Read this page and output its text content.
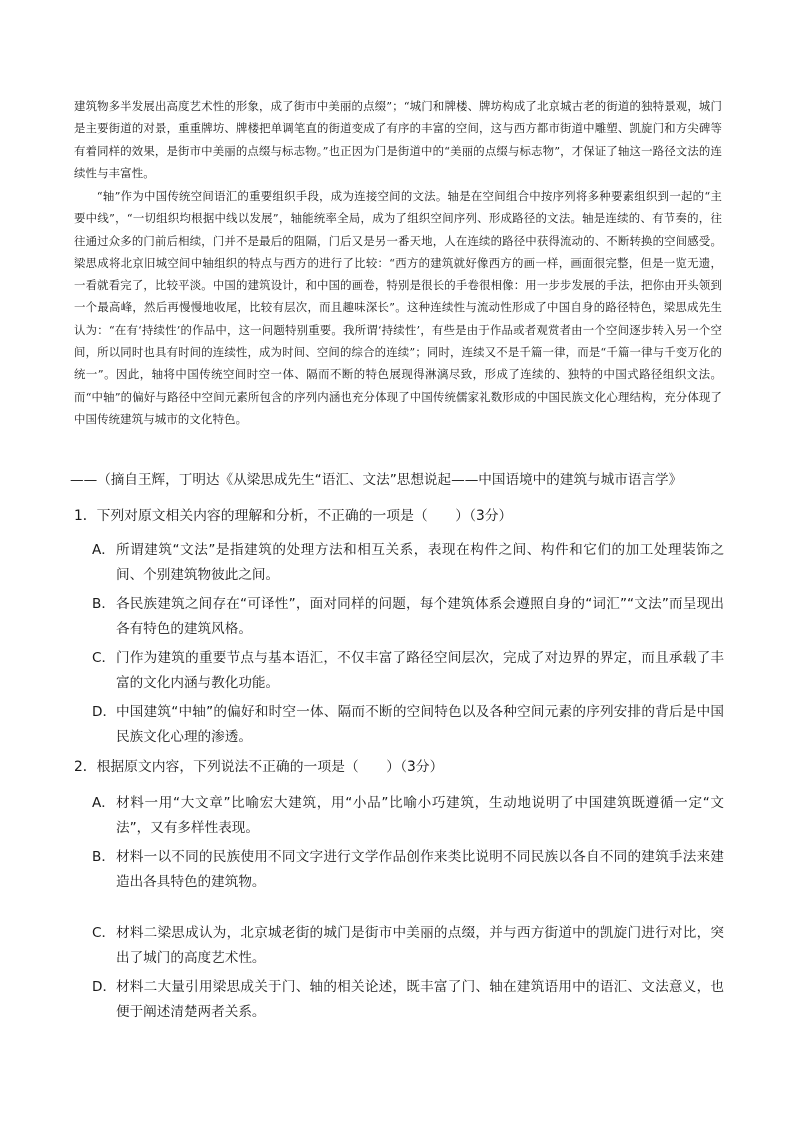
建筑物多半发展出高度艺术性的形象，成了街市中美丽的点缀”；“城门和牌楼、牌坊构成了北京城古老的街道的独特景观，城门是主要街道的对景，重重牌坊、牌楼把单调笔直的街道变成了有序的丰富的空间，这与西方都市街道中雕塑、凯旋门和方尖碑等有着同样的效果，是街市中美丽的点缀与标志物。”也正因为门是街道中的“美丽的点缀与标志物”，才保证了轴这一路径文法的连续性与丰富性。
“轴”作为中国传统空间语汇的重要组织手段，成为连接空间的文法。轴是在空间组合中按序列将多种要素组织到一起的“主要中线”，“一切组织均根据中线以发展”，轴能统率全局，成为了组织空间序列、形成路径的文法。轴是连续的、有节奏的，往往通过众多的门前后相续，门并不是最后的阻隔，门后又是另一番天地，人在连续的路径中获得流动的、不断转换的空间感受。梁思成将北京旧城空间中轴组织的特点与西方的进行了比较：“西方的建筑就好像西方的画一样，画面很完整，但是一览无遗，一看就看完了，比较平淡。中国的建筑设计，和中国的画卷，特别是很长的手卷很相像：用一步步发展的手法，把你由开头领到一个最高峰，然后再慢慢地收尾，比较有层次，而且趣味深长”。这种连续性与流动性形成了中国自身的路径特色，梁思成先生认为：“在有‘持续性’的作品中，这一问题特别重要。我所谓‘持续性’，有些是由于作品或者观赏者由一个空间逐步转入另一个空间，所以同时也具有时间的连续性，成为时间、空间的综合的连续”；同时，连续又不是千篇一律，而是“千篇一律与千变万化的统一”。因此，轴将中国传统空间时空一体、隔而不断的特色展现得淋漓尽致，形成了连续的、独特的中国式路径组织文法。而“中轴”的偏好与路径中空间元素所包含的序列内涵也充分体现了中国传统儒家礼数形成的中国民族文化心理结构，充分体现了中国传统建筑与城市的文化特色。
——（摘自王辉，丁明达《从梁思成先生“语汇、文法”思想说起——中国语境中的建筑与城市语言学》
1．下列对原文相关内容的理解和分析，不正确的一项是（　　）（3分）
A． 所谓建筑“文法”是指建筑的处理方法和相互关系，表现在构件之间、构件和它们的加工处理装饰之间、个别建筑物彼此之间。
B． 各民族建筑之间存在“可译性”，面对同样的问题，每个建筑体系会遵照自身的“词汇”“文法”而呈现出各有特色的建筑风格。
C． 门作为建筑的重要节点与基本语汇，不仅丰富了路径空间层次，完成了对边界的界定，而且承载了丰富的文化内涵与教化功能。
D． 中国建筑“中轴”的偏好和时空一体、隔而不断的空间特色以及各种空间元素的序列安排的背后是中国民族文化心理的渗透。
2．根据原文内容，下列说法不正确的一项是（　　）（3分）
A． 材料一用“大文章”比喻宏大建筑，用“小品”比喻小巧建筑，生动地说明了中国建筑既遵循一定“文法”，又有多样性表现。
B． 材料一以不同的民族使用不同文字进行文学作品创作来类比说明不同民族以各自不同的建筑手法来建造出各具特色的建筑物。
C． 材料二梁思成认为，北京城老街的城门是街市中美丽的点缀，并与西方街道中的凯旋门进行对比，突出了城门的高度艺术性。
D． 材料二大量引用梁思成关于门、轴的相关论述，既丰富了门、轴在建筑语用中的语汇、文法意义，也便于阐述清楚两者关系。
